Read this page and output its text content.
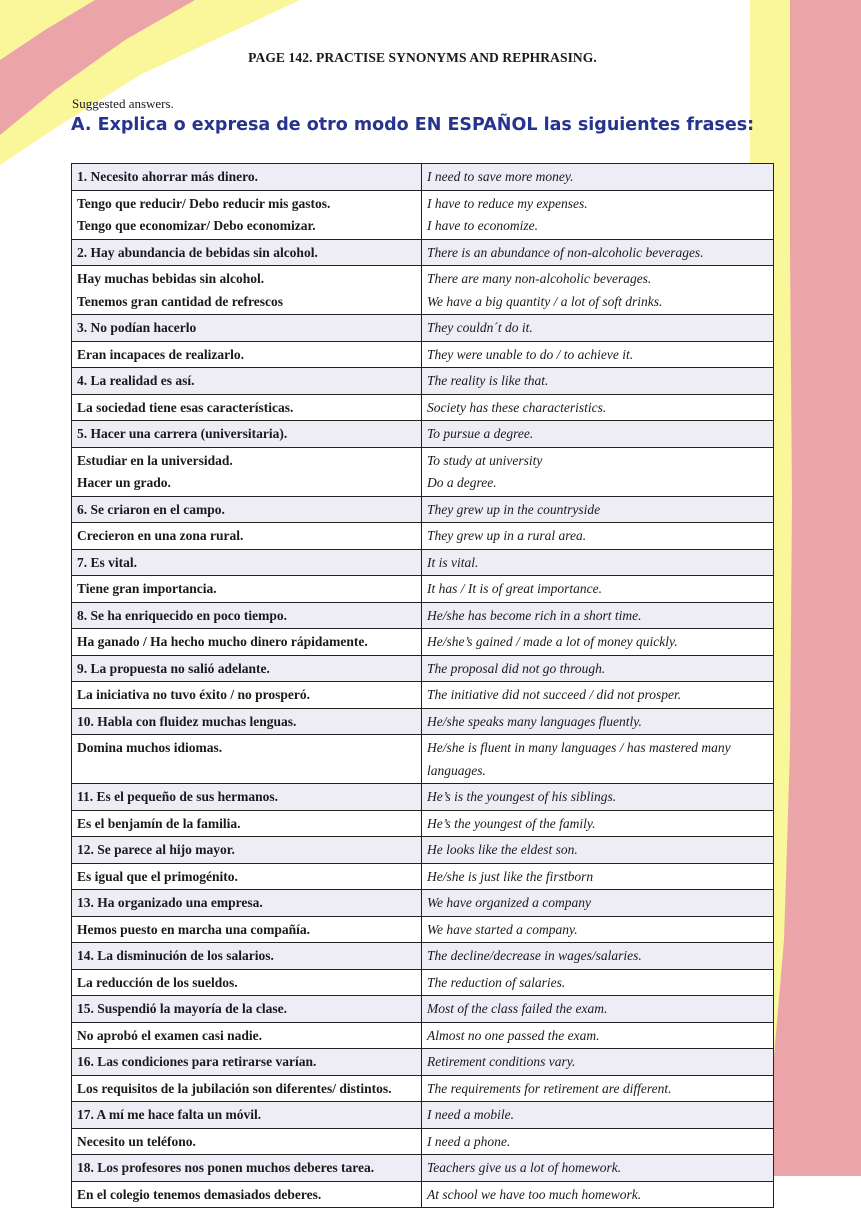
PAGE 142. PRACTISE SYNONYMS AND REPHRASING.
Suggested answers.
A. Explica o expresa de otro modo EN ESPAÑOL las siguientes frases:
1. Necesito ahorrar más dinero.	I need to save more money.

Tengo que reducir/ Debo reducir mis gastos.
Tengo que economizar/ Debo economizar.	I have to reduce my expenses.
I have to economize.

2. Hay abundancia de bebidas sin alcohol.	There is an abundance of non-alcoholic beverages.

Hay muchas bebidas sin alcohol.
Tenemos gran cantidad de refrescos	There are many non-alcoholic beverages.
We have a big quantity / a lot of soft drinks.

3. No podían hacerlo	They couldn´t do it.

Eran incapaces de realizarlo.	They were unable to do / to achieve it.

4. La realidad es así.	The reality is like that.

La sociedad tiene esas características.	Society has these characteristics.

5. Hacer una carrera (universitaria).	To pursue a degree.

Estudiar en la universidad.
Hacer un grado.	To study at university
Do a degree.

6. Se criaron en el campo.	They grew up in the countryside

Crecieron en una zona rural.	They grew up in a rural area.

7. Es vital.	It is vital.

Tiene gran importancia.	It has / It is of great importance.

8. Se ha enriquecido en poco tiempo.	He/she has become rich in a short time.

Ha ganado / Ha hecho mucho dinero rápidamente.	He/she’s gained / made a lot of money quickly.

9. La propuesta no salió adelante.	The proposal did not go through.

La iniciativa no tuvo éxito / no prosperó.	The initiative did not succeed / did not prosper.

10. Habla con fluidez muchas lenguas.	He/she speaks many languages fluently.

Domina muchos idiomas.	He/she is fluent in many languages / has mastered many languages.

11. Es el pequeño de sus hermanos.	He’s is the youngest of his siblings.

Es el benjamín de la familia.	He’s the youngest of the family.

12. Se parece al hijo mayor.	He looks like the eldest son.

Es igual que el primogénito.	He/she is just like the firstborn

13. Ha organizado una empresa.	We have organized a company

Hemos puesto en marcha una compañía.	We have started a company.

14. La disminución de los salarios.	The decline/decrease in wages/salaries.

La reducción de los sueldos.	The reduction of salaries.

15. Suspendió la mayoría de la clase.	Most of the class failed the exam.

No aprobó el examen casi nadie.	Almost no one passed the exam.

16. Las condiciones para retirarse varían.	Retirement conditions vary.

Los requisitos de la jubilación son diferentes/ distintos.	The requirements for retirement are different.

17. A mí me hace falta un móvil.	I need a mobile.

Necesito un teléfono.	I need a phone.

18. Los profesores nos ponen muchos deberes tarea.	Teachers give us a lot of homework.

En el colegio tenemos demasiados deberes.	At school we have too much homework.
